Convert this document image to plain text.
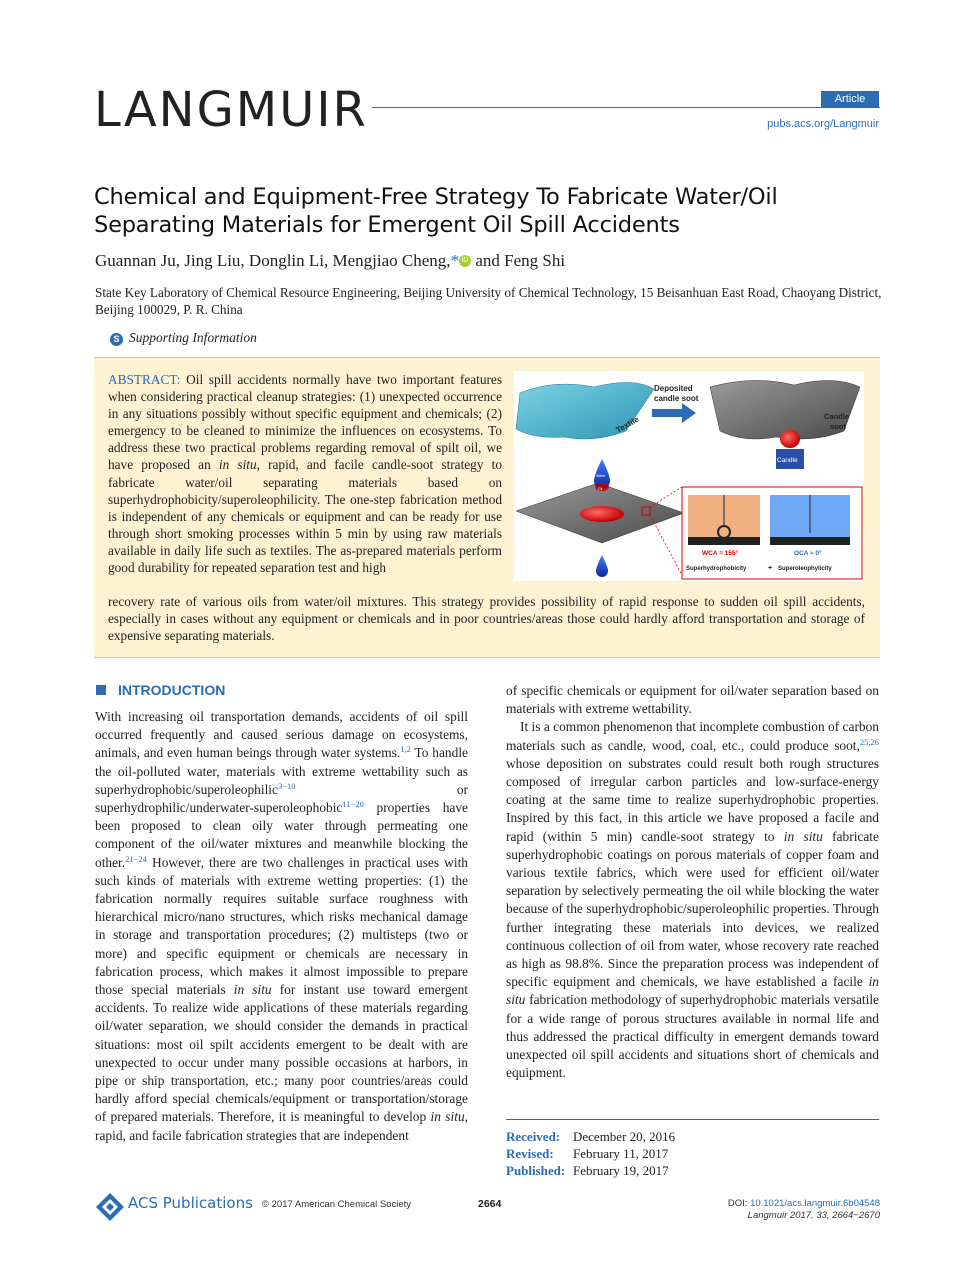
LANGMUIR	Article
pubs.acs.org/Langmuir
Chemical and Equipment-Free Strategy To Fabricate Water/Oil Separating Materials for Emergent Oil Spill Accidents
Guannan Ju, Jing Liu, Donglin Li, Mengjiao Cheng,* iD and Feng Shi
State Key Laboratory of Chemical Resource Engineering, Beijing University of Chemical Technology, 15 Beisanhuan East Road, Chaoyang District, Beijing 100029, P. R. China
S Supporting Information
ABSTRACT: Oil spill accidents normally have two important features when considering practical cleanup strategies: (1) unexpected occurrence in any situations possibly without specific equipment and chemicals; (2) emergency to be cleaned to minimize the influences on ecosystems. To address these two practical problems regarding removal of spilt oil, we have proposed an in situ, rapid, and facile candle-soot strategy to fabricate water/oil separating materials based on superhydrophobicity/superoleophilicity. The one-step fabrication method is independent of any chemicals or equipment and can be ready for use through short smoking processes within 5 min by using raw materials available in daily life such as textiles. The as-prepared materials perform good durability for repeated separation test and high
recovery rate of various oils from water/oil mixtures. This strategy provides possibility of rapid response to sudden oil spill accidents, especially in cases without any equipment or chemicals and in poor countries/areas those could hardly afford transportation and storage of expensive separating materials.
Textile
Deposited
candle soot
Candle
soot
Candle
Water
Oil
WCA = 155°	OCA ≈ 0°
Superhydrophobicity	+ Superoleophylicity
INTRODUCTION

With increasing oil transportation demands, accidents of oil spill occurred frequently and caused serious damage on ecosystems, animals, and even human beings through water systems.$^{1,2}$ To handle the oil-polluted water, materials with extreme wettability such as superhydrophobic/superoleophilic$^{3-10}$ or superhydrophilic/underwater-superoleophobic$^{11-20}$ properties have been proposed to clean oily water through permeating one component of the oil/water mixtures and meanwhile blocking the other.$^{21-24}$ However, there are two challenges in practical uses with such kinds of materials with extreme wetting properties: (1) the fabrication normally requires suitable surface roughness with hierarchical micro/nano structures, which risks mechanical damage in storage and transportation procedures; (2) multisteps (two or more) and specific equipment or chemicals are necessary in fabrication process, which makes it almost impossible to prepare those special materials in situ for instant use toward emergent accidents. To realize wide applications of these materials regarding oil/water separation, we should consider the demands in practical situations: most oil spilt accidents emergent to be dealt with are unexpected to occur under many possible occasions at harbors, in pipe or ship transportation, etc.; many poor countries/areas could hardly afford special chemicals/equipment or transportation/storage of prepared materials. Therefore, it is meaningful to develop in situ, rapid, and facile fabrication strategies that are independent

of specific chemicals or equipment for oil/water separation based on materials with extreme wettability.

It is a common phenomenon that incomplete combustion of carbon materials such as candle, wood, coal, etc., could produce soot,$^{25,26}$ whose deposition on substrates could result both rough structures composed of irregular carbon particles and low-surface-energy coating at the same time to realize superhydrophobic properties. Inspired by this fact, in this article we have proposed a facile and rapid (within 5 min) candle-soot strategy to in situ fabricate superhydrophobic coatings on porous materials of copper foam and various textile fabrics, which were used for efficient oil/water separation by selectively permeating the oil while blocking the water because of the superhydrophobic/superoleophilic properties. Through further integrating these materials into devices, we realized continuous collection of oil from water, whose recovery rate reached as high as 98.8%. Since the preparation process was independent of specific equipment and chemicals, we have established a facile in situ fabrication methodology of superhydrophobic materials versatile for a wide range of porous structures available in normal life and thus addressed the practical difficulty in emergent demands toward unexpected oil spill accidents and situations short of chemicals and equipment.

Received: December 20, 2016
Revised: February 11, 2017
Published: February 19, 2017
ACS Publications © 2017 American Chemical Society	2664	DOI: 10.1021/acs.langmuir.6b04548
Langmuir 2017, 33, 2664−2670
